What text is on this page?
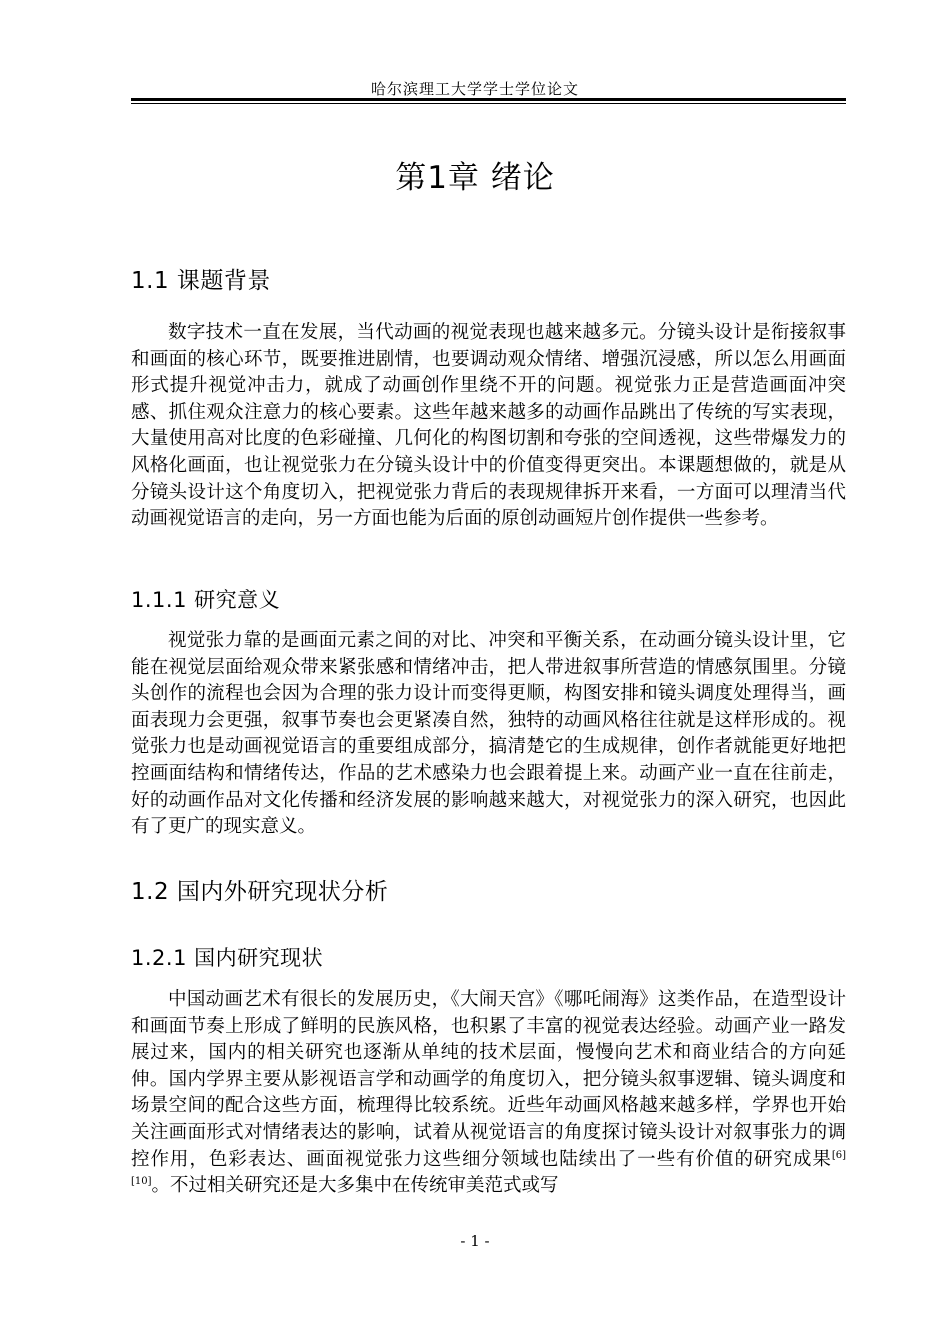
哈尔滨理工大学学士学位论文
第1章 绪论
1.1 课题背景

数字技术一直在发展，当代动画的视觉表现也越来越多元。分镜头设计是衔接叙事和画面的核心环节，既要推进剧情，也要调动观众情绪、增强沉浸感，所以怎么用画面形式提升视觉冲击力，就成了动画创作里绕不开的问题。视觉张力正是营造画面冲突感、抓住观众注意力的核心要素。这些年越来越多的动画作品跳出了传统的写实表现，大量使用高对比度的色彩碰撞、几何化的构图切割和夸张的空间透视，这些带爆发力的风格化画面，也让视觉张力在分镜头设计中的价值变得更突出。本课题想做的，就是从分镜头设计这个角度切入，把视觉张力背后的表现规律拆开来看，一方面可以理清当代动画视觉语言的走向，另一方面也能为后面的原创动画短片创作提供一些参考。

1.1.1 研究意义

视觉张力靠的是画面元素之间的对比、冲突和平衡关系，在动画分镜头设计里，它能在视觉层面给观众带来紧张感和情绪冲击，把人带进叙事所营造的情感氛围里。分镜头创作的流程也会因为合理的张力设计而变得更顺，构图安排和镜头调度处理得当，画面表现力会更强，叙事节奏也会更紧凑自然，独特的动画风格往往就是这样形成的。视觉张力也是动画视觉语言的重要组成部分，搞清楚它的生成规律，创作者就能更好地把控画面结构和情绪传达，作品的艺术感染力也会跟着提上来。动画产业一直在往前走，好的动画作品对文化传播和经济发展的影响越来越大，对视觉张力的深入研究，也因此有了更广的现实意义。

1.2 国内外研究现状分析
1.2.1 国内研究现状

中国动画艺术有很长的发展历史，《大闹天宫》《哪吒闹海》这类作品，在造型设计和画面节奏上形成了鲜明的民族风格，也积累了丰富的视觉表达经验。动画产业一路发展过来，国内的相关研究也逐渐从单纯的技术层面，慢慢向艺术和商业结合的方向延伸。国内学界主要从影视语言学和动画学的角度切入，把分镜头叙事逻辑、镜头调度和场景空间的配合这些方面，梳理得比较系统。近些年动画风格越来越多样，学界也开始关注画面形式对情绪表达的影响，试着从视觉语言的角度探讨镜头设计对叙事张力的调控作用，色彩表达、画面视觉张力这些细分领域也陆续出了一些有价值的研究成果[6] [10]。不过相关研究还是大多集中在传统审美范式或写

- 1 -
